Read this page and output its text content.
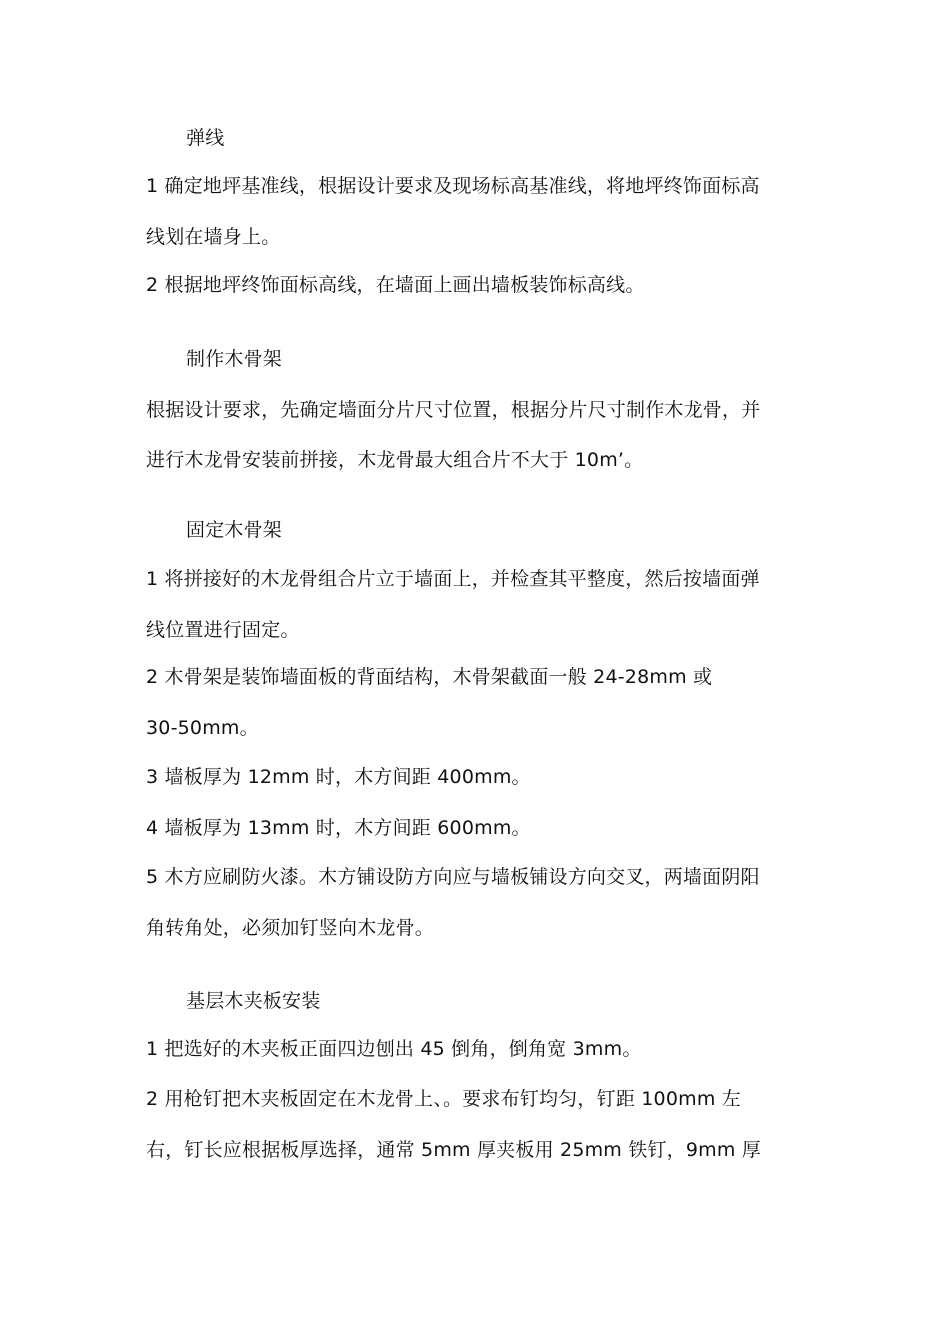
弹线
1 确定地坪基准线，根据设计要求及现场标高基准线，将地坪终饰面标高
线划在墙身上。
2 根据地坪终饰面标高线，在墙面上画出墙板装饰标高线。
制作木骨架
根据设计要求，先确定墙面分片尺寸位置，根据分片尺寸制作木龙骨，并
进行木龙骨安装前拼接，木龙骨最大组合片不大于 10m’。
固定木骨架
1 将拼接好的木龙骨组合片立于墙面上，并检查其平整度，然后按墙面弹
线位置进行固定。
2 木骨架是装饰墙面板的背面结构，木骨架截面一般 24-28mm 或
30-50mm。
3 墙板厚为 12mm 时，木方间距 400mm。
4 墙板厚为 13mm 时，木方间距 600mm。
5 木方应刷防火漆。木方铺设防方向应与墙板铺设方向交叉，两墙面阴阳
角转角处，必须加钉竖向木龙骨。
基层木夹板安装
1 把选好的木夹板正面四边刨出 45 倒角，倒角宽 3mm。
2 用枪钉把木夹板固定在木龙骨上、。要求布钉均匀，钉距 100mm 左
右，钉长应根据板厚选择，通常 5mm 厚夹板用 25mm 铁钉，9mm 厚
